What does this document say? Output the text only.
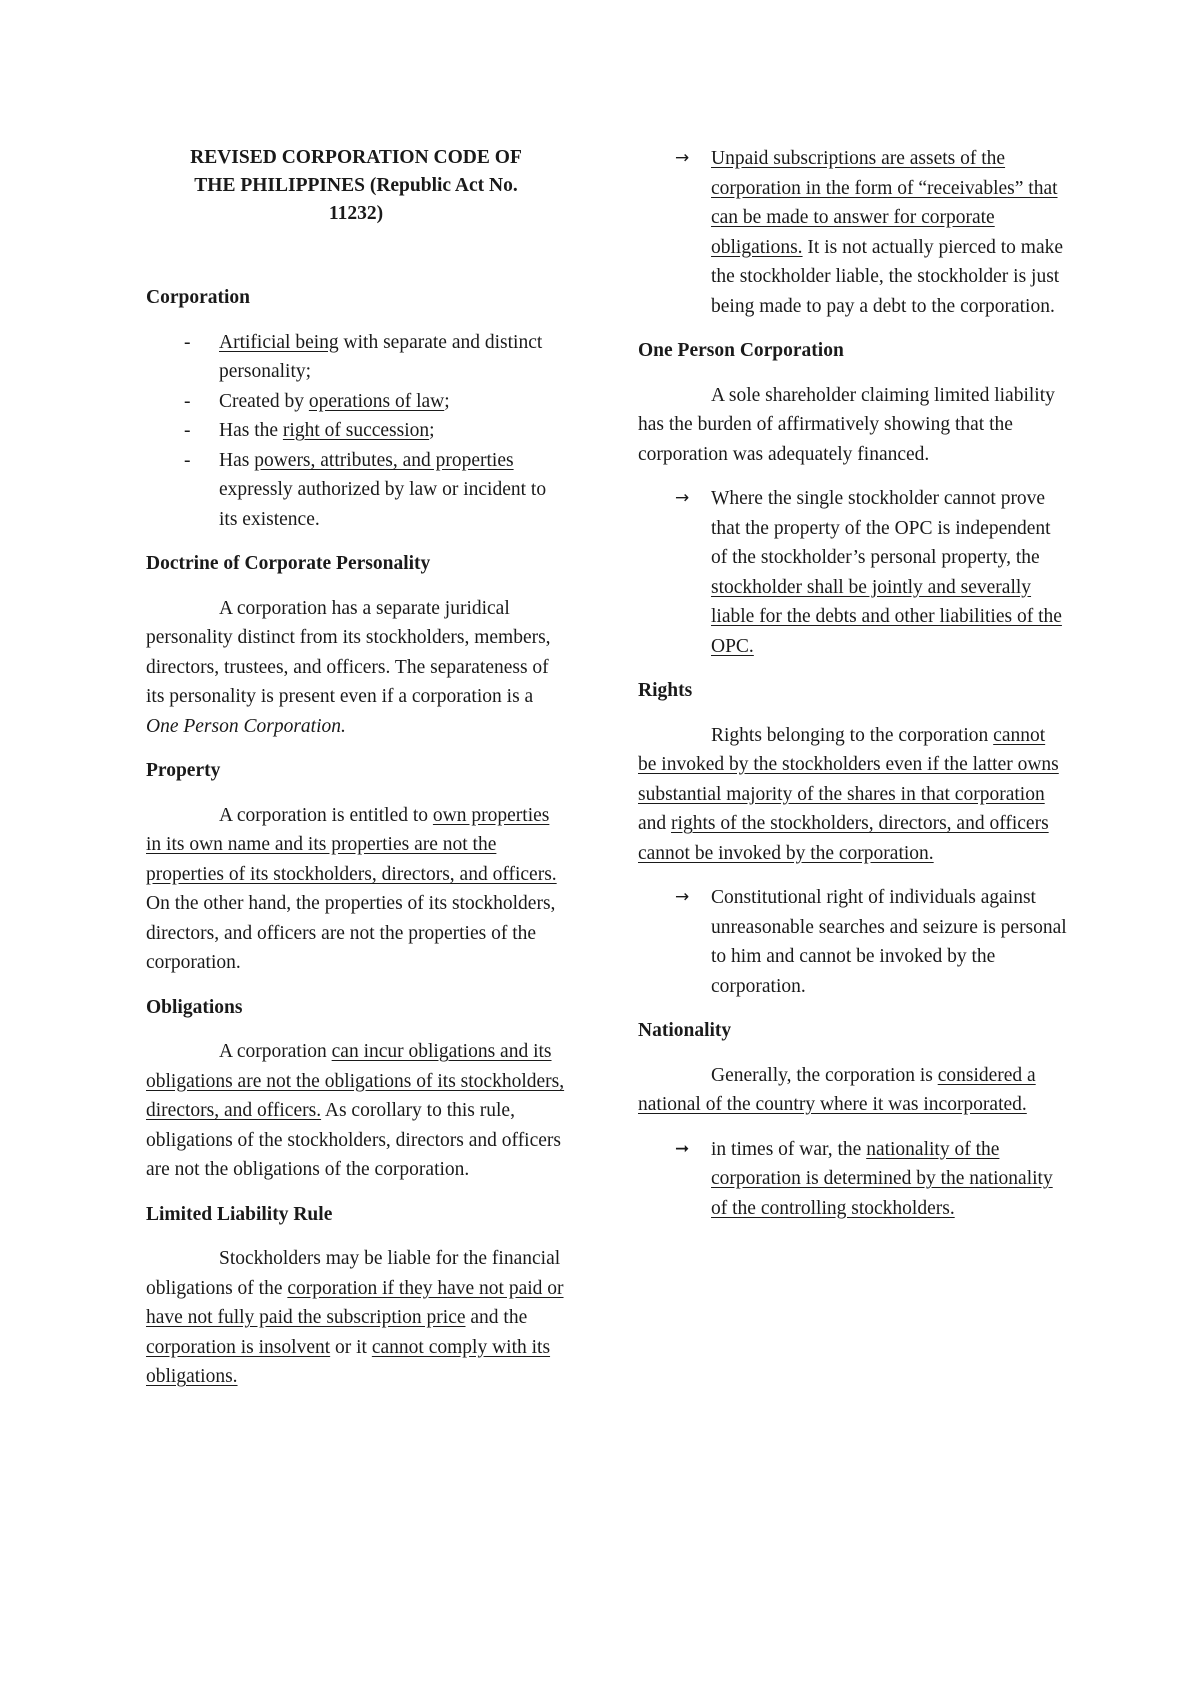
REVISED CORPORATION CODE OF
THE PHILIPPINES (Republic Act No.
11232)
Corporation
- Artificial being with separate and distinct personality;
- Created by operations of law;
- Has the right of succession;
- Has powers, attributes, and properties expressly authorized by law or incident to its existence.
Doctrine of Corporate Personality

A corporation has a separate juridical personality distinct from its stockholders, members, directors, trustees, and officers. The separateness of its personality is present even if a corporation is a One Person Corporation.

Property

A corporation is entitled to own properties in its own name and its properties are not the properties of its stockholders, directors, and officers. On the other hand, the properties of its stockholders, directors, and officers are not the properties of the corporation.

Obligations

A corporation can incur obligations and its obligations are not the obligations of its stockholders, directors, and officers. As corollary to this rule, obligations of the stockholders, directors and officers are not the obligations of the corporation.

Limited Liability Rule

Stockholders may be liable for the financial obligations of the corporation if they have not paid or have not fully paid the subscription price and the corporation is insolvent or it cannot comply with its obligations.

→ Unpaid subscriptions are assets of the corporation in the form of “receivables” that can be made to answer for corporate obligations. It is not actually pierced to make the stockholder liable, the stockholder is just being made to pay a debt to the corporation.
One Person Corporation

A sole shareholder claiming limited liability has the burden of affirmatively showing that the corporation was adequately financed.

→ Where the single stockholder cannot prove that the property of the OPC is independent of the stockholder’s personal property, the stockholder shall be jointly and severally liable for the debts and other liabilities of the OPC.
Rights

Rights belonging to the corporation cannot be invoked by the stockholders even if the latter owns substantial majority of the shares in that corporation and rights of the stockholders, directors, and officers cannot be invoked by the corporation.

→ Constitutional right of individuals against unreasonable searches and seizure is personal to him and cannot be invoked by the corporation.
Nationality

Generally, the corporation is considered a national of the country where it was incorporated.

➞ in times of war, the nationality of the corporation is determined by the nationality of the controlling stockholders.
